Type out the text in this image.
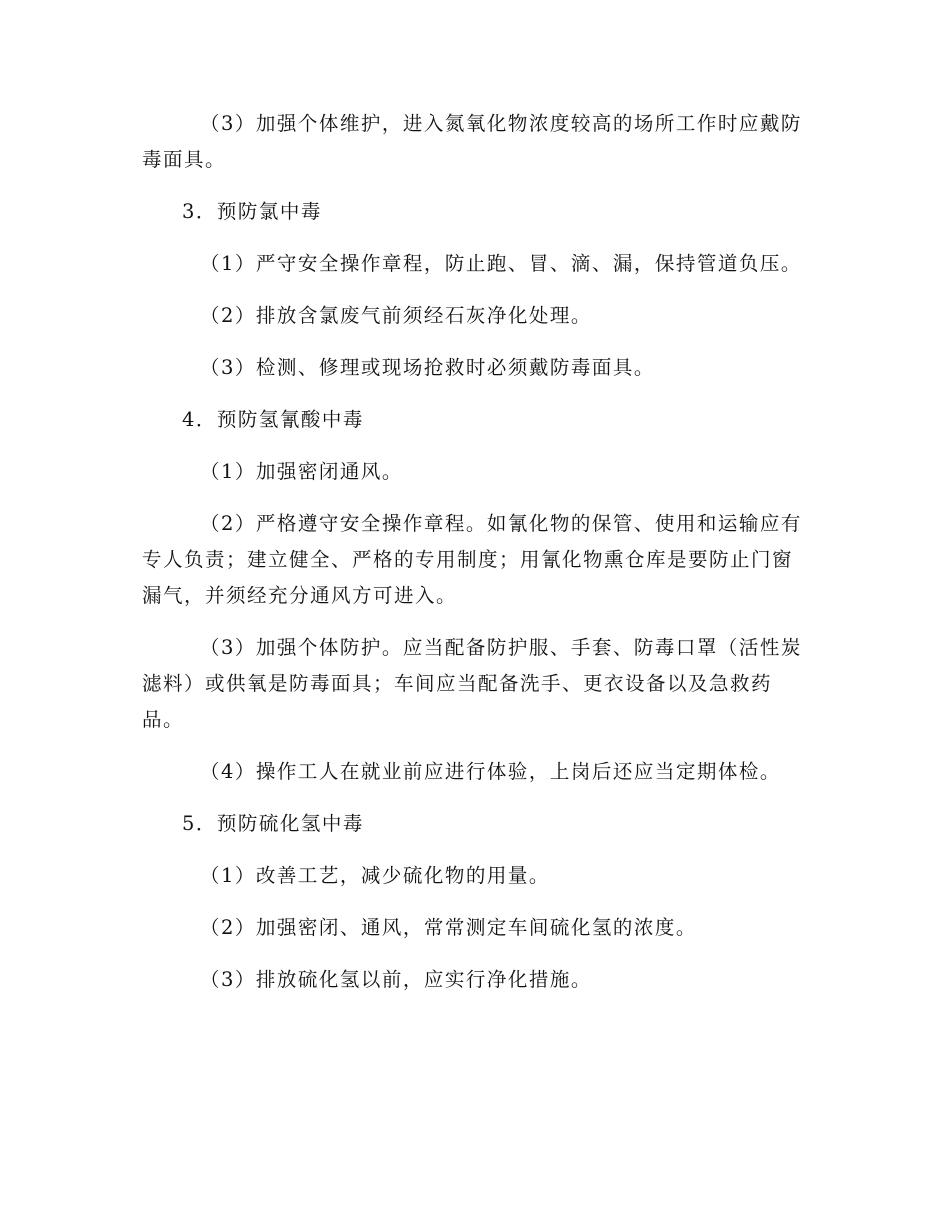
（3）加强个体维护，进入氮氧化物浓度较高的场所工作时应戴防毒面具。

3．预防氯中毒

（1）严守安全操作章程，防止跑、冒、滴、漏，保持管道负压。

（2）排放含氯废气前须经石灰净化处理。

（3）检测、修理或现场抢救时必须戴防毒面具。

4．预防氢氰酸中毒

（1）加强密闭通风。

（2）严格遵守安全操作章程。如氰化物的保管、使用和运输应有专人负责；建立健全、严格的专用制度；用氰化物熏仓库是要防止门窗漏气，并须经充分通风方可进入。

（3）加强个体防护。应当配备防护服、手套、防毒口罩（活性炭滤料）或供氧是防毒面具；车间应当配备洗手、更衣设备以及急救药品。

（4）操作工人在就业前应进行体验，上岗后还应当定期体检。

5．预防硫化氢中毒

（1）改善工艺，减少硫化物的用量。

（2）加强密闭、通风，常常测定车间硫化氢的浓度。

（3）排放硫化氢以前，应实行净化措施。
